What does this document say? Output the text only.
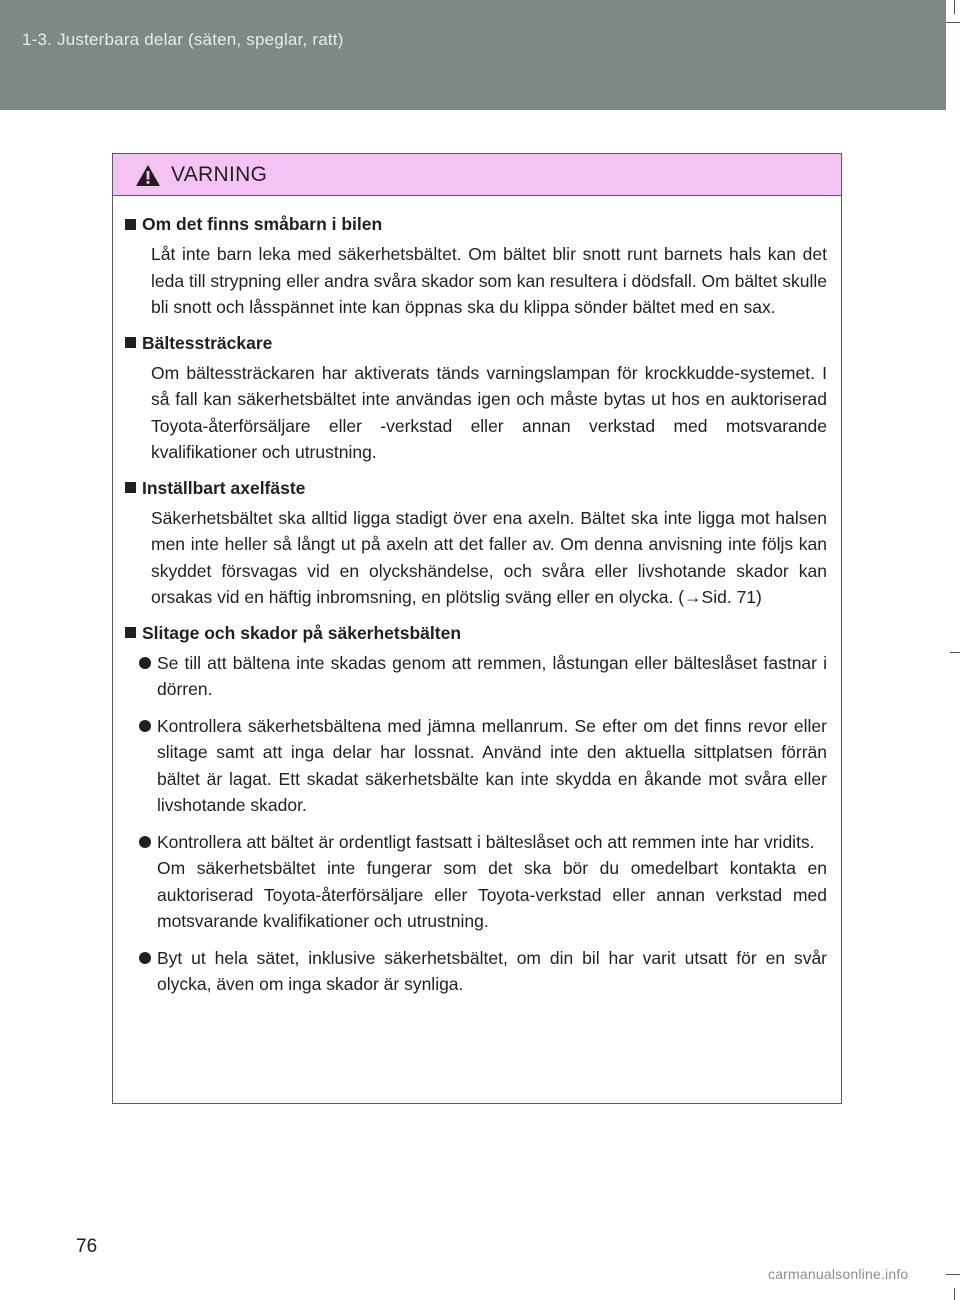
1-3. Justerbara delar (säten, speglar, ratt)
VARNING
Om det finns småbarn i bilen
Låt inte barn leka med säkerhetsbältet. Om bältet blir snott runt barnets hals kan det leda till strypning eller andra svåra skador som kan resultera i dödsfall. Om bältet skulle bli snott och låsspännet inte kan öppnas ska du klippa sönder bältet med en sax.
Bältessträckare
Om bältessträckaren har aktiverats tänds varningslampan för krockkudde-systemet. I så fall kan säkerhetsbältet inte användas igen och måste bytas ut hos en auktoriserad Toyota-återförsäljare eller -verkstad eller annan verkstad med motsvarande kvalifikationer och utrustning.
Inställbart axelfäste
Säkerhetsbältet ska alltid ligga stadigt över ena axeln. Bältet ska inte ligga mot halsen men inte heller så långt ut på axeln att det faller av. Om denna anvisning inte följs kan skyddet försvagas vid en olyckshändelse, och svåra eller livshotande skador kan orsakas vid en häftig inbromsning, en plötslig sväng eller en olycka. (→Sid. 71)
Slitage och skador på säkerhetsbälten
Se till att bältena inte skadas genom att remmen, låstungan eller bälteslåset fastnar i dörren.
Kontrollera säkerhetsbältena med jämna mellanrum. Se efter om det finns revor eller slitage samt att inga delar har lossnat. Använd inte den aktuella sittplatsen förrän bältet är lagat. Ett skadat säkerhetsbälte kan inte skydda en åkande mot svåra eller livshotande skador.
Kontrollera att bältet är ordentligt fastsatt i bälteslåset och att remmen inte har vridits.
Om säkerhetsbältet inte fungerar som det ska bör du omedelbart kontakta en auktoriserad Toyota-återförsäljare eller Toyota-verkstad eller annan verkstad med motsvarande kvalifikationer och utrustning.
Byt ut hela sätet, inklusive säkerhetsbältet, om din bil har varit utsatt för en svår olycka, även om inga skador är synliga.
76
carmanualsonline.info
